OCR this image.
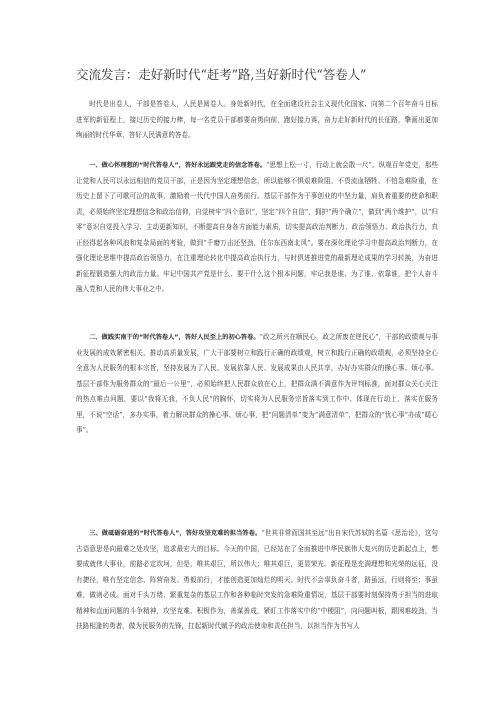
交流发言：走好新时代“赶考”路,当好新时代“答卷人”

时代是出卷人，干部是答卷人，人民是阅卷人。身处新时代，在全面建设社会主义现代化国家、向第二个百年奋斗目标进军的新征程上，接过历史的接力棒，每一名党员干部都要奋勇向前，跑好接力赛，奋力走好新时代的长征路，擎画出更加绚丽的时代华章，答好人民满意的答卷。

一、做心怀理想的“时代答卷人”，答好永远跟党走的信念答卷。“思想上松一寸，行动上就会散一尺”。纵观百年党史，那些让党和人民可以永远相信的党员干部，正是因为坚定理想信念，所以能够不惧艰难险阻、不畏流血牺牲、不怕急难险重，在历史上留下了可歌可泣的故事，激励着一代代中国人奋勇前行。基层干部作为干事创业的中坚力量，肩负着重要的使命和职责，必须始终坚定理想信念和政治信仰，自觉树牢“四个意识”，坚定“四个自信”，拥护“两个确立”，做到“两个维护”，以“归零”意识自觉投入学习、主动更新知识，不断提高自身各方面能力素质，切实提高政治判断力、政治领悟力、政治执行力，真正经得起各种风浪和复杂局面的考验，做到“千磨万击还坚劲，任尔东西南北风”。要在深化理论学习中提高政治判断力，在强化理论思维中提高政治领悟力，在注重理论转化中提高政治执行力，与时俱进推进党的最新理论成果的学习转换，为奋进新征程锻造强大的政治力量。牢记中国共产党是什么、要干什么这个根本问题，牢记我是谁、为了谁、依靠谁，把个人奋斗融入党和人民的伟大事业之中。

二、做践实南干的“时代答卷人”，答好人民至上的初心答卷。“政之所兴在顺民心，政之所废在逆民心”，干部的政绩观与事业发展的成效紧密相关、推动高质量发展，广大干部要树立和践行正确的政绩观，树立和践行正确的政绩观，必须坚持全心全意为人民服务的根本宗旨，坚持发展为了人民、发展依靠人民、发展成果由人民共享，办好办实群众的操心事、烦心事。基层干部作为服务群众的“最后一公里”，必须始终把人民群众放在心上，把群众满不满意作为评判标准，面对群众关心关注的热点难点问题，要以“我将无我，不负人民”的胸怀，切实将为人民服务宗旨落实到工作中、体现在行动上，落实在服务里，不说“空话”，多办实事，着力解决群众的操心事、烦心事，把“问题清单”变为“满意清单”，把群众的“忧心事”办成“暖心事”。

三、做砥砺奋进的“时代答卷人”，答好攻坚克难的担当答卷。“世其非常而国其至远”出自宋代苏轼的名篇《思治论》，这句古语意思是向最难之处攻坚，追求最宏大的目标。今天的中国，已经站在了全面推进中华民族伟大复兴的历史新起点上，想要成就伟大事业，前路必定坎坷，但是，唯其艰巨，所以伟大；唯其艰巨，更显荣光。新征程是充满理想和光荣的远征，没有捷径，唯有坚定信念、阵营奋发、勇毅前行，才能创造更加灿烂的明天。时代不会辜负奋斗者，路虽远，行则将至；事虽难，做则必成。面对千头万绪、繁重复杂的基层工作和各种临时突发的急难险重情况，基层干部要时刻保持勇于担当的进取精神和直面问题的斗争精神，攻坚克难、积极作为，善谋善成，紧盯工作落实中的“中梗阻”，向问题叫板，跟困难较劲，当扶路相逢的勇者，做为民服务的先锋，扛起新时代赋予的政治使命和责任担当，以担当作为书写人
